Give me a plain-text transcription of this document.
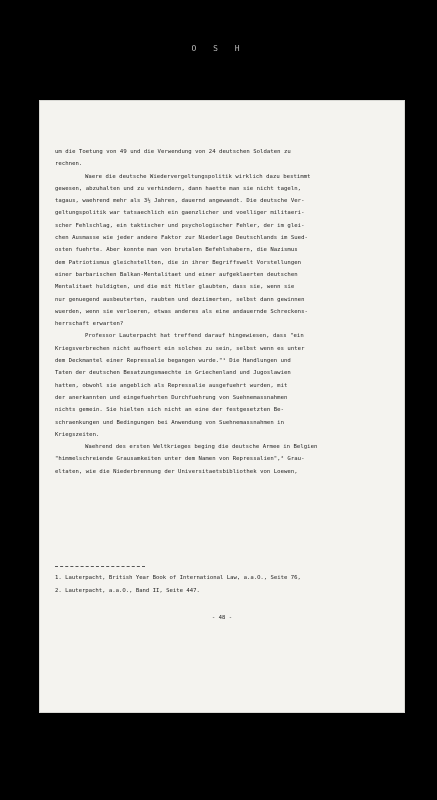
O S H
um die Toetung von 49 und die Verwendung von 24 deutschen Soldaten zu
rechnen.
Waere die deutsche Wiedervergeltungspolitik wirklich dazu bestimmt
gewesen, abzuhalten und zu verhindern, dann haette man sie nicht tageln,
tagaus, waehrend mehr als 3½ Jahren, dauernd angewandt. Die deutsche Ver-
geltungspolitik war tatsaechlich ein gaenzlicher und voelliger militaeri-
scher Fehlschlag, ein taktischer und psychologischer Fehler, der im glei-
chen Ausmasse wie jeder andere Faktor zur Niederlage Deutschlands im Sued-
osten fuehrte. Aber konnte man von brutalen Befehlshabern, die Nazismus
dem Patriotismus gleichstellten, die in ihrer Begriffswelt Vorstellungen
einer barbarischen Balkan-Mentalitaet und einer aufgeklaerten deutschen
Mentalitaet huldigten, und die mit Hitler glaubten, dass sie, wenn sie
nur genuegend ausbeuterten, raubten und deziimerten, selbst dann gewinnen
wuerden, wenn sie verloeren, etwas anderes als eine andauernde Schreckens-
herrschaft erwarten?
Professor Lauterpacht hat treffend darauf hingewiesen, dass "ein
Kriegsverbrechen nicht aufhoert ein solches zu sein, selbst wenn es unter
dem Deckmantel einer Repressalie begangen wurde."¹ Die Handlungen und
Taten der deutschen Besatzungsmaechte in Griechenland und Jugoslawien
hatten, obwohl sie angeblich als Repressalie ausgefuehrt wurden, mit
der anerkannten und eingefuehrten Durchfuehrung von Suehnemassnahmen
nichts gemein. Sie hielten sich nicht an eine der festgesetzten Be-
schraenkungen und Bedingungen bei Anwendung von Suehnemassnahmen in
Kriegszeiten.
Waehrend des ersten Weltkrieges beging die deutsche Armee in Belgien
"himmelschreiende Grausamkeiten unter dem Namen von Repressalien",² Grau-
eltaten, wie die Niederbrennung der Universitaetsbibliothek von Loewen,
1. Lauterpacht, British Year Book of International Law, a.a.O., Seite 76,
2. Lauterpacht, a.a.O., Band II, Seite 447.
- 48 -
